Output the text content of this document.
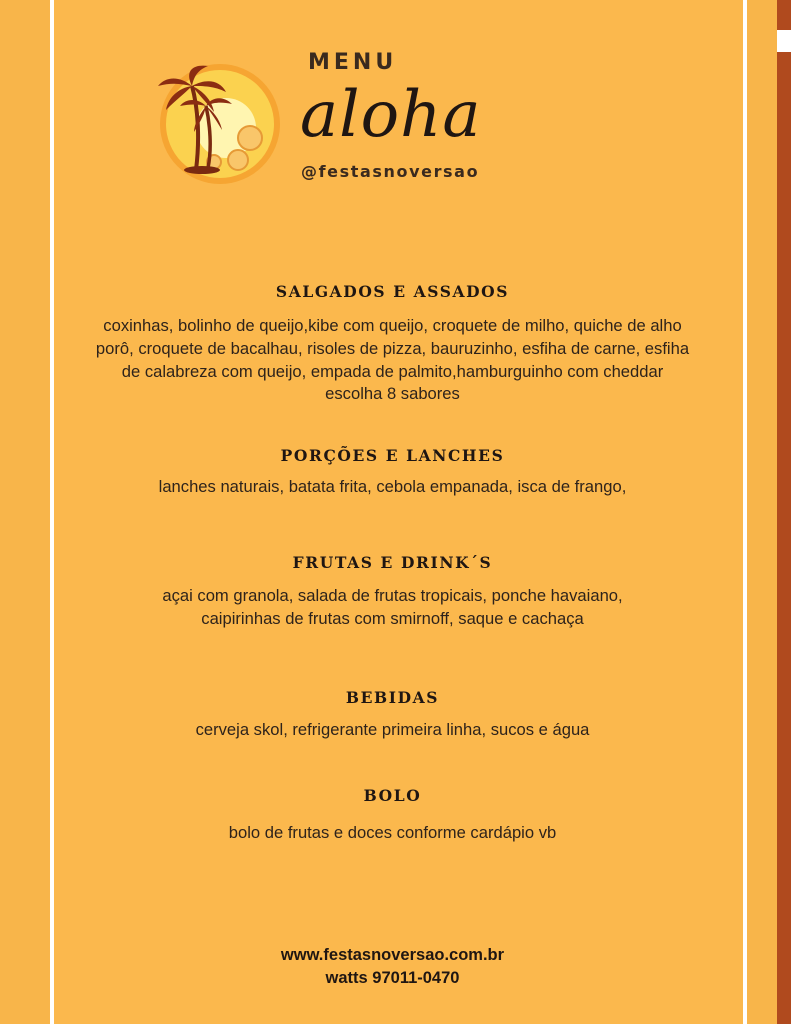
MENU
aloha
@festasnoversao
SALGADOS E ASSADOS
coxinhas, bolinho de queijo,kibe com queijo, croquete de milho, quiche de alho
porô, croquete de bacalhau, risoles de pizza, bauruzinho, esfiha de carne, esfiha
de calabreza com queijo, empada de palmito,hamburguinho com cheddar
escolha 8 sabores
PORÇÕES E LANCHES
lanches naturais, batata frita, cebola empanada, isca de frango,
FRUTAS E DRINK´S
açai com granola, salada de frutas tropicais, ponche havaiano,
caipirinhas de frutas com smirnoff, saque e cachaça
BEBIDAS
cerveja skol, refrigerante primeira linha, sucos e água
BOLO
bolo de frutas e doces conforme cardápio vb
www.festasnoversao.com.br
watts 97011-0470
